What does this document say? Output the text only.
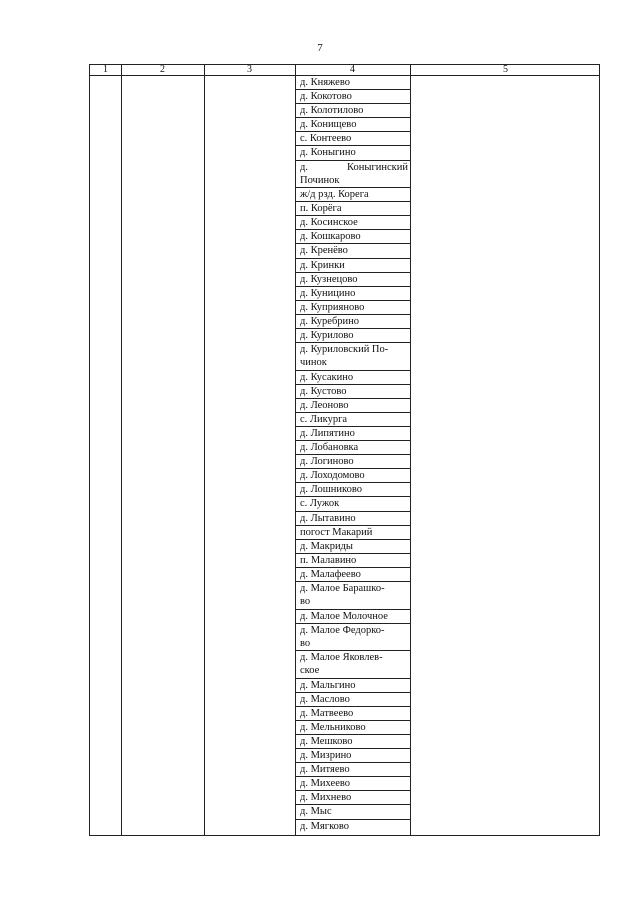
7
1	2	3	4	5
д. Княжево
д. Кокотово
д. Колотилово
д. Конищево
с. Контеево
д. Коныгино
д.	Коныгинский
Починок
ж/д рзд. Корега
п. Корёга
д. Косинское
д. Кошкарово
д. Кренёво
д. Кринки
д. Кузнецово
д. Куницино
д. Куприяново
д. Куребрино
д. Курилово
д. Куриловский По-
чинок
д. Кусакино
д. Кустово
д. Леоново
с. Ликурга
д. Липятино
д. Лобановка
д. Логиново
д. Лоходомово
д. Лошниково
с. Лужок
д. Лытавино
погост Макарий
д. Макриды
п. Малавино
д. Малафеево
д. Малое Барашко-
во
д. Малое Молочное
д. Малое Федорко-
во
д. Малое Яковлев-
ское
д. Мальгино
д. Маслово
д. Матвеево
д. Мельниково
д. Мешково
д. Мизрино
д. Митяево
д. Михеево
д. Михнево
д. Мыс
д. Мягково
